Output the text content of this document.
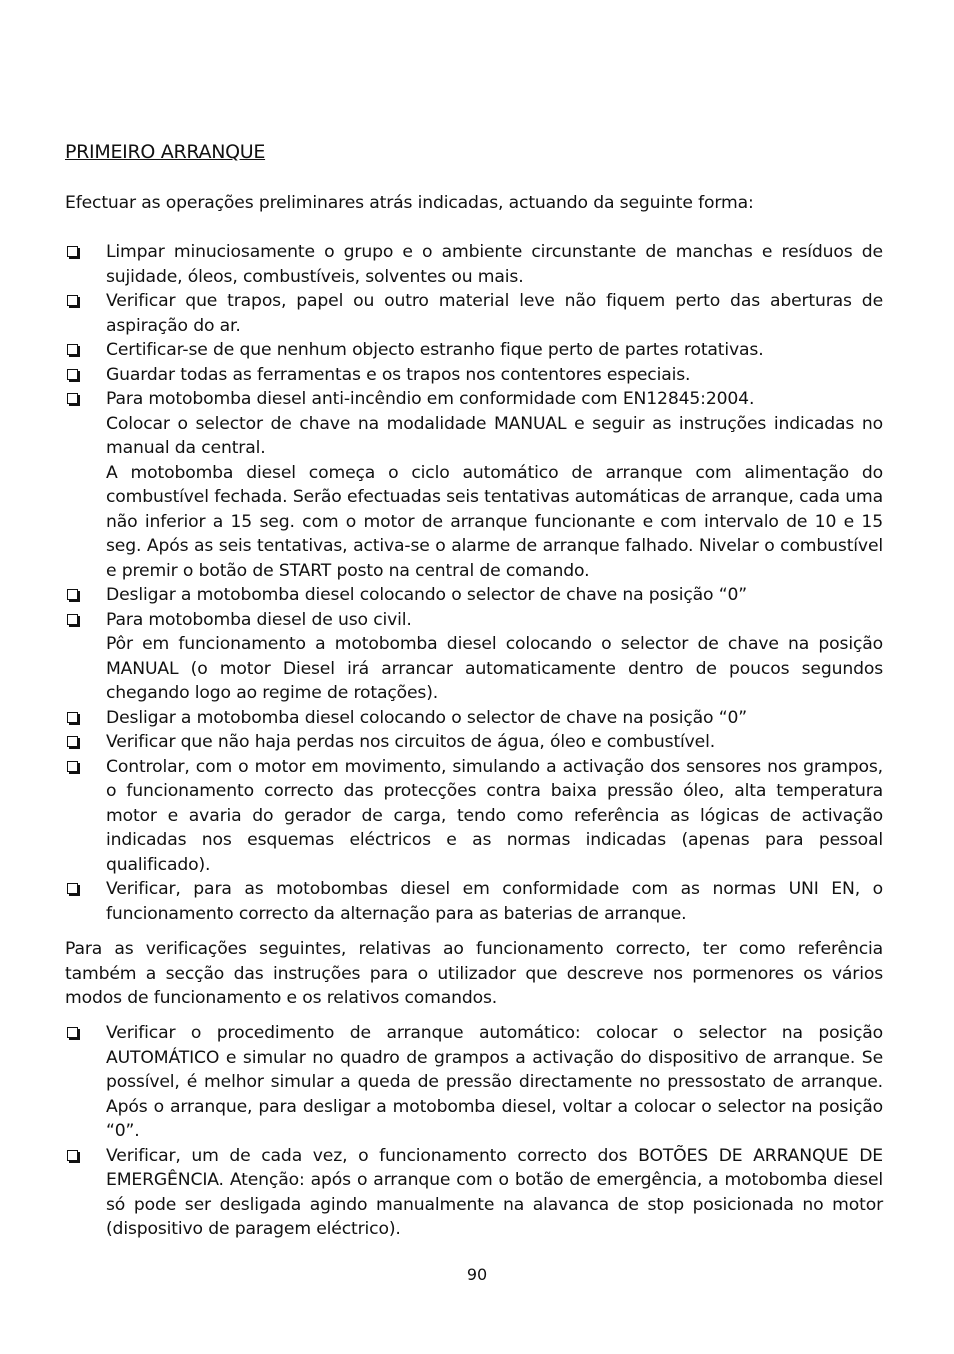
PRIMEIRO ARRANQUE

Efectuar as operações preliminares atrás indicadas, actuando da seguinte forma:

Limpar minuciosamente o grupo e o ambiente circunstante de manchas e resíduos de sujidade, óleos, combustíveis, solventes ou mais.
Verificar que trapos, papel ou outro material leve não fiquem perto das aberturas de aspiração do ar.
Certificar-se de que nenhum objecto estranho fique perto de partes rotativas.
Guardar todas as ferramentas e os trapos nos contentores especiais.
Para motobomba diesel anti-incêndio em conformidade com EN12845:2004.
Colocar o selector de chave na modalidade MANUAL e seguir as instruções indicadas no manual da central.
A motobomba diesel começa o ciclo automático de arranque com alimentação do combustível fechada. Serão efectuadas seis tentativas automáticas de arranque, cada uma não inferior a 15 seg. com o motor de arranque funcionante e com intervalo de 10 e 15 seg. Após as seis tentativas, activa-se o alarme de arranque falhado. Nivelar o combustível e premir o botão de START posto na central de comando.
Desligar a motobomba diesel colocando o selector de chave na posição “0”
Para motobomba diesel de uso civil.
Pôr em funcionamento a motobomba diesel colocando o selector de chave na posição MANUAL (o motor Diesel irá arrancar automaticamente dentro de poucos segundos chegando logo ao regime de rotações).
Desligar a motobomba diesel colocando o selector de chave na posição “0”
Verificar que não haja perdas nos circuitos de água, óleo e combustível.
Controlar, com o motor em movimento, simulando a activação dos sensores nos grampos, o funcionamento correcto das protecções contra baixa pressão óleo, alta temperatura motor e avaria do gerador de carga, tendo como referência as lógicas de activação indicadas nos esquemas eléctricos e as normas indicadas (apenas para pessoal qualificado).
Verificar, para as motobombas diesel em conformidade com as normas UNI EN, o funcionamento correcto da alternação para as baterias de arranque.

Para as verificações seguintes, relativas ao funcionamento correcto, ter como referência também a secção das instruções para o utilizador que descreve nos pormenores os vários modos de funcionamento e os relativos comandos.

Verificar o procedimento de arranque automático: colocar o selector na posição AUTOMÁTICO e simular no quadro de grampos a activação do dispositivo de arranque. Se possível, é melhor simular a queda de pressão directamente no pressostato de arranque. Após o arranque, para desligar a motobomba diesel, voltar a colocar o selector na posição “0”.
Verificar, um de cada vez, o funcionamento correcto dos BOTÕES DE ARRANQUE DE EMERGÊNCIA. Atenção: após o arranque com o botão de emergência, a motobomba diesel só pode ser desligada agindo manualmente na alavanca de stop posicionada no motor (dispositivo de paragem eléctrico).
90
